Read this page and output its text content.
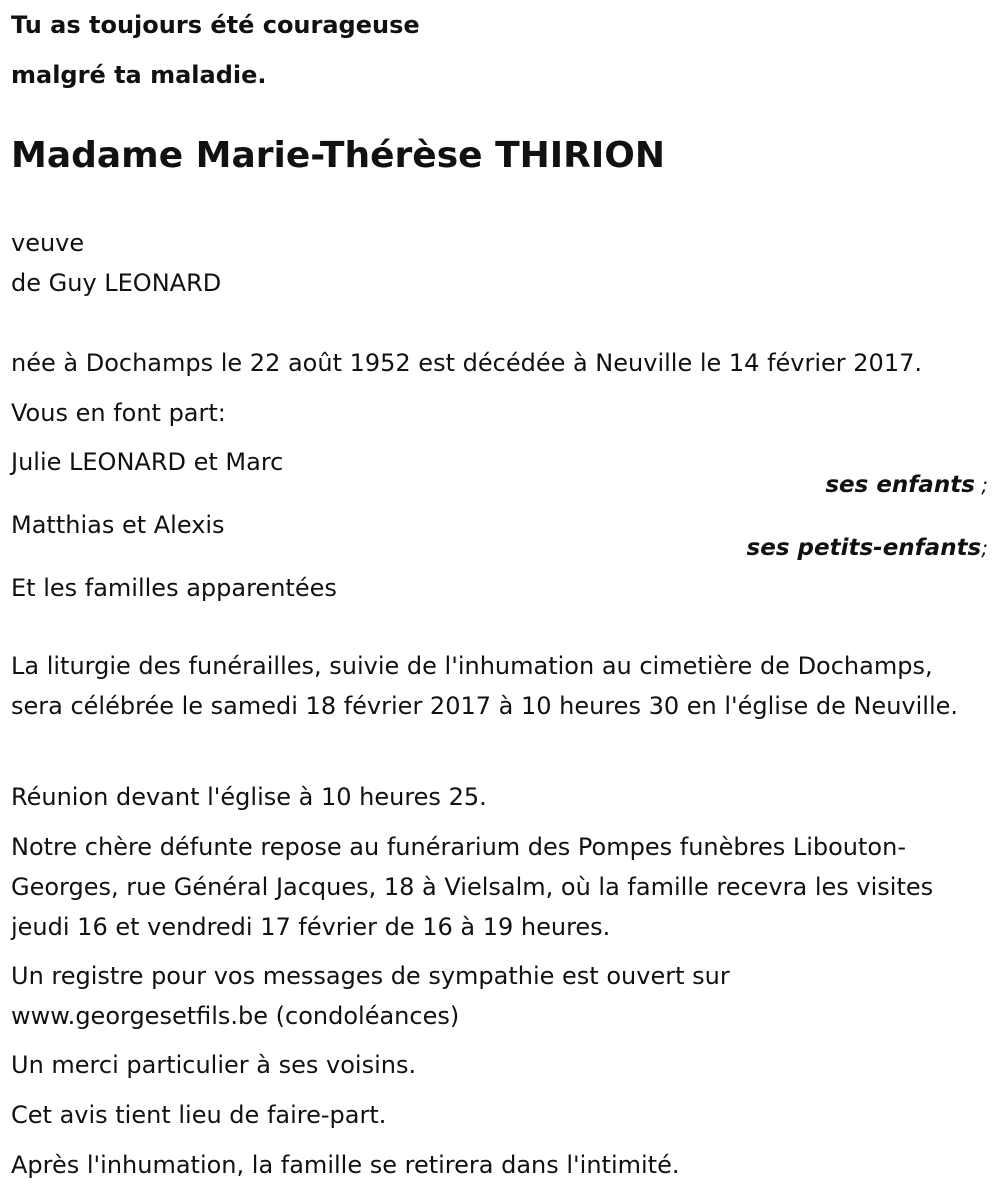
Tu as toujours été courageuse
malgré ta maladie.
Madame Marie-Thérèse THIRION
veuve
de Guy LEONARD
née à Dochamps le 22 août 1952 est décédée à Neuville le 14 février 2017.
Vous en font part:
Julie LEONARD et Marc
ses enfants ;
Matthias et Alexis
ses petits-enfants;
Et les familles apparentées
La liturgie des funérailles, suivie de l'inhumation au cimetière de Dochamps, sera célébrée le samedi 18 février 2017 à 10 heures 30 en l'église de Neuville.
Réunion devant l'église à 10 heures 25.
Notre chère défunte repose au funérarium des Pompes funèbres Libouton-Georges, rue Général Jacques, 18 à Vielsalm, où la famille recevra les visites jeudi 16 et vendredi 17 février de 16 à 19 heures.
Un registre pour vos messages de sympathie est ouvert sur www.georgesetfils.be (condoléances)
Un merci particulier à ses voisins.
Cet avis tient lieu de faire-part.
Après l'inhumation, la famille se retirera dans l'intimité.
